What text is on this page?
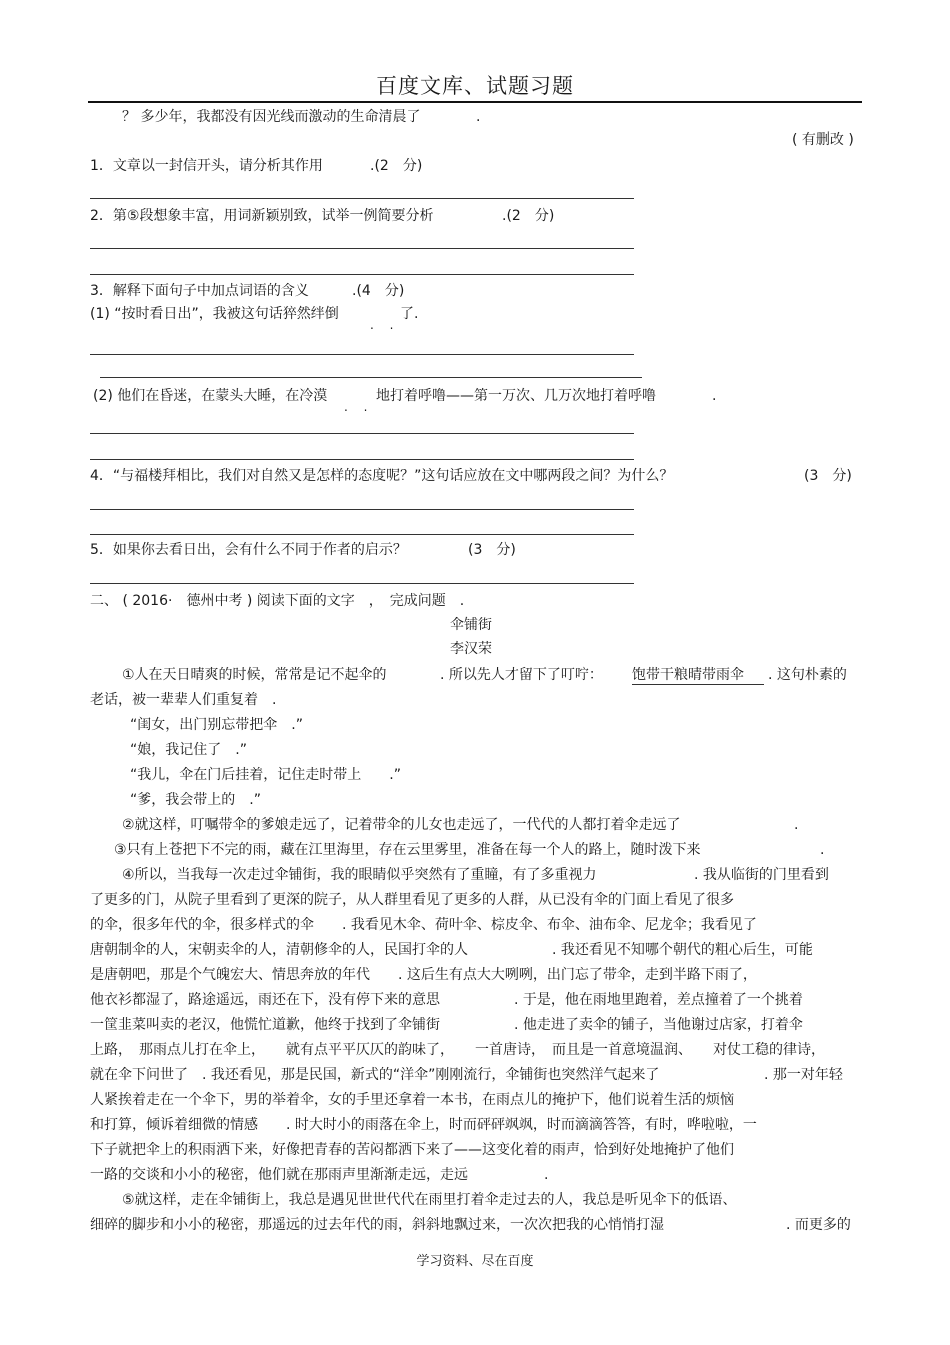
百度文库、试题习题
？ 多少年，我都没有因光线而激动的生命清晨了	.
( 有删改 )
1．文章以一封信开头，请分析其作用	.(2　分)
2．第⑤段想象丰富，用词新颖别致，试举一例简要分析	.(2　分)
3．解释下面句子中加点词语的含义	.(4　分)
(1) “按时看日出”，我被这句话猝然绊倒
. .
了.
(2) 他们在昏迷，在蒙头大睡，在冷漠
. .
地打着呼噜——第一万次、几万次地打着呼噜	.
4．“与福楼拜相比，我们对自然又是怎样的态度呢？”这句话应放在文中哪两段之间？为什么？	(3　分)
5．如果你去看日出，会有什么不同于作者的启示？	(3　分)
二、 ( 2016·　德州中考 ) 阅读下面的文字　，　完成问题　.
伞铺街
李汉荣
①人在天日晴爽的时候，常常是记不起伞的	. 所以先人才留下了叮咛： 饱带干粮晴带雨伞	. 这句朴素的
老话，被一辈辈人们重复着　.
“闺女，出门别忘带把伞　.”
“娘，我记住了　.”
“我儿，伞在门后挂着，记住走时带上　　.”
“爹，我会带上的　.”
②就这样，叮嘱带伞的爹娘走远了，记着带伞的儿女也走远了，一代代的人都打着伞走远了	.
③只有上苍把下不完的雨，藏在江里海里，存在云里雾里，准备在每一个人的路上，随时泼下来	.
④所以，当我每一次走过伞铺街，我的眼睛似乎突然有了重瞳，有了多重视力	. 我从临街的门里看到
了更多的门，从院子里看到了更深的院子，从人群里看见了更多的人群，从已没有伞的门面上看见了很多
的伞，很多年代的伞，很多样式的伞　　. 我看见木伞、荷叶伞、棕皮伞、布伞、油布伞、尼龙伞；我看见了
唐朝制伞的人，宋朝卖伞的人，清朝修伞的人，民国打伞的人	. 我还看见不知哪个朝代的粗心后生，可能
是唐朝吧，那是个气魄宏大、情思奔放的年代　　. 这后生有点大大咧咧，出门忘了带伞，走到半路下雨了，
他衣衫都湿了，路途遥远，雨还在下，没有停下来的意思	. 于是，他在雨地里跑着，差点撞着了一个挑着
一筐韭菜叫卖的老汉，他慌忙道歉，他终于找到了伞铺街	. 他走进了卖伞的铺子，当他谢过店家，打着伞
上路，　那雨点儿打在伞上，　　就有点平平仄仄的韵味了，　　一首唐诗，　而且是一首意境温润、　　对仗工稳的律诗，
就在伞下问世了　. 我还看见，那是民国，新式的“洋伞”刚刚流行，伞铺街也突然洋气起来了	. 那一对年轻
人紧挨着走在一个伞下，男的举着伞，女的手里还拿着一本书，在雨点儿的掩护下，他们说着生活的烦恼
和打算，倾诉着细微的情感　　. 时大时小的雨落在伞上，时而砰砰飒飒，时而滴滴答答，有时，哗啦啦，一
下子就把伞上的积雨洒下来，好像把青春的苦闷都洒下来了——这变化着的雨声，恰到好处地掩护了他们
一路的交谈和小小的秘密，他们就在那雨声里渐渐走远，走远	.
⑤就这样，走在伞铺街上，我总是遇见世世代代在雨里打着伞走过去的人，我总是听见伞下的低语、
细碎的脚步和小小的秘密，那遥远的过去年代的雨，斜斜地飘过来，一次次把我的心悄悄打湿	. 而更多的
学习资料、尽在百度
